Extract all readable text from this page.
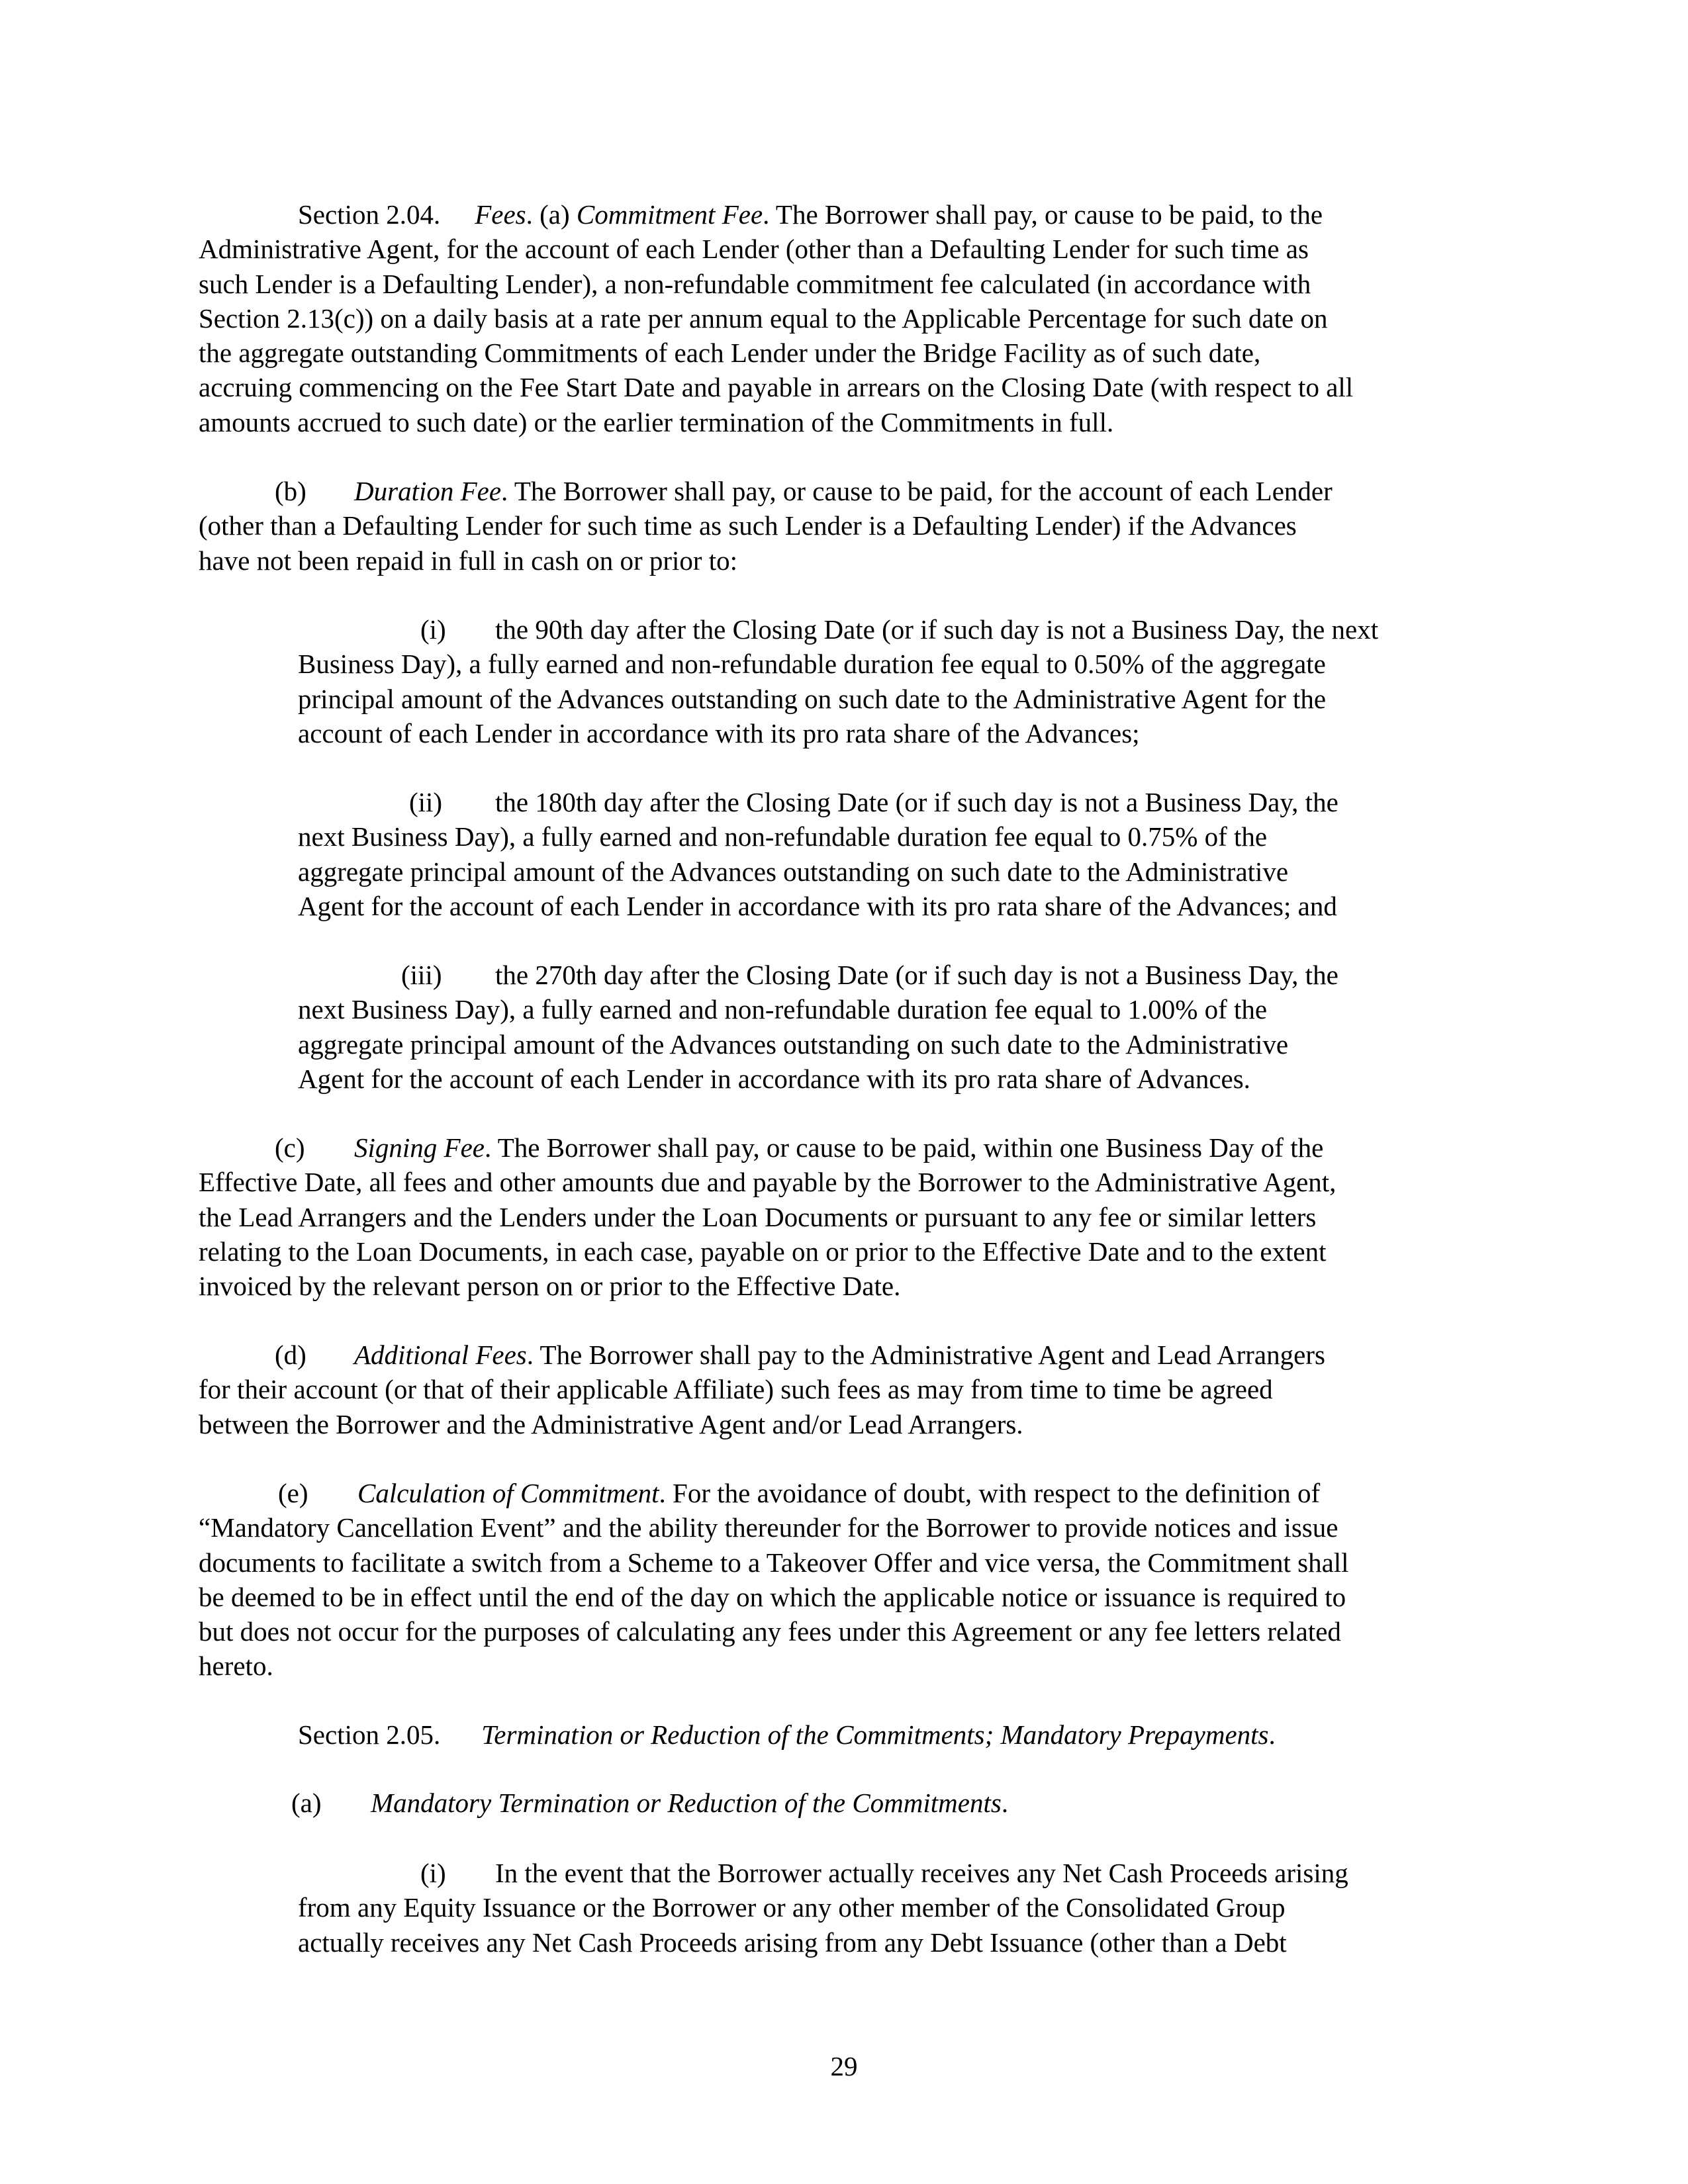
Section 2.04. Fees. (a) Commitment Fee. The Borrower shall pay, or cause to be paid, to the
Administrative Agent, for the account of each Lender (other than a Defaulting Lender for such time as
such Lender is a Defaulting Lender), a non-refundable commitment fee calculated (in accordance with
Section 2.13(c)) on a daily basis at a rate per annum equal to the Applicable Percentage for such date on
the aggregate outstanding Commitments of each Lender under the Bridge Facility as of such date,
accruing commencing on the Fee Start Date and payable in arrears on the Closing Date (with respect to all
amounts accrued to such date) or the earlier termination of the Commitments in full.
(b) Duration Fee. The Borrower shall pay, or cause to be paid, for the account of each Lender
(other than a Defaulting Lender for such time as such Lender is a Defaulting Lender) if the Advances
have not been repaid in full in cash on or prior to:
(i) the 90th day after the Closing Date (or if such day is not a Business Day, the next
Business Day), a fully earned and non-refundable duration fee equal to 0.50% of the aggregate
principal amount of the Advances outstanding on such date to the Administrative Agent for the
account of each Lender in accordance with its pro rata share of the Advances;
(ii) the 180th day after the Closing Date (or if such day is not a Business Day, the
next Business Day), a fully earned and non-refundable duration fee equal to 0.75% of the
aggregate principal amount of the Advances outstanding on such date to the Administrative
Agent for the account of each Lender in accordance with its pro rata share of the Advances; and
(iii) the 270th day after the Closing Date (or if such day is not a Business Day, the
next Business Day), a fully earned and non-refundable duration fee equal to 1.00% of the
aggregate principal amount of the Advances outstanding on such date to the Administrative
Agent for the account of each Lender in accordance with its pro rata share of Advances.
(c) Signing Fee. The Borrower shall pay, or cause to be paid, within one Business Day of the
Effective Date, all fees and other amounts due and payable by the Borrower to the Administrative Agent,
the Lead Arrangers and the Lenders under the Loan Documents or pursuant to any fee or similar letters
relating to the Loan Documents, in each case, payable on or prior to the Effective Date and to the extent
invoiced by the relevant person on or prior to the Effective Date.
(d) Additional Fees. The Borrower shall pay to the Administrative Agent and Lead Arrangers
for their account (or that of their applicable Affiliate) such fees as may from time to time be agreed
between the Borrower and the Administrative Agent and/or Lead Arrangers.
(e) Calculation of Commitment. For the avoidance of doubt, with respect to the definition of
“Mandatory Cancellation Event” and the ability thereunder for the Borrower to provide notices and issue
documents to facilitate a switch from a Scheme to a Takeover Offer and vice versa, the Commitment shall
be deemed to be in effect until the end of the day on which the applicable notice or issuance is required to
but does not occur for the purposes of calculating any fees under this Agreement or any fee letters related
hereto.
Section 2.05. Termination or Reduction of the Commitments; Mandatory Prepayments.
(a) Mandatory Termination or Reduction of the Commitments.
(i) In the event that the Borrower actually receives any Net Cash Proceeds arising
from any Equity Issuance or the Borrower or any other member of the Consolidated Group
actually receives any Net Cash Proceeds arising from any Debt Issuance (other than a Debt
29
